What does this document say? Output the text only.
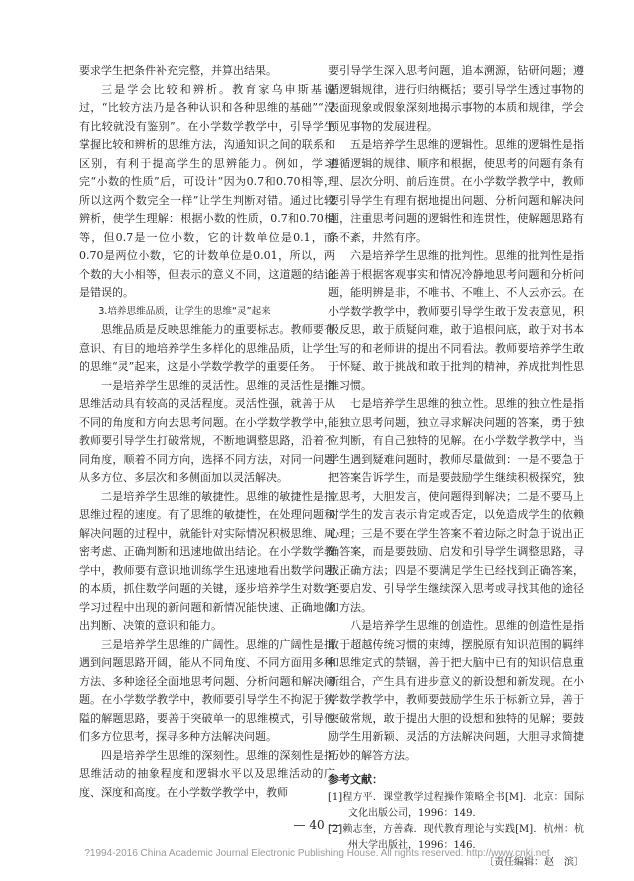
要求学生把条件补充完整，并算出结果。

三是学会比较和辨析。教育家乌申斯基说过，“比较方法乃是各种认识和各种思维的基础”“没有比较就没有鉴别”。在小学数学教学中，引导学生掌握比较和辨析的思维方法，沟通知识之间的联系和区别，有利于提高学生的思辨能力。例如，学习完“小数的性质”后，可设计“因为0.7和0.70相等，所以这两个数完全一样”让学生判断对错。通过比较辨析，使学生理解：根据小数的性质，0.7和0.70相等，但0.7是一位小数，它的计数单位是0.1，而0.70是两位小数，它的计数单位是0.01，所以，两个数的大小相等，但表示的意义不同，这道题的结论是错误的。

3.培养思维品质，让学生的思维“灵”起来

思维品质是反映思维能力的重要标志。教师要有意识、有目的地培养学生多样化的思维品质，让学生的思维“灵”起来，这是小学数学教学的重要任务。

一是培养学生思维的灵活性。思维的灵活性是指思维活动具有较高的灵活程度。灵活性强，就善于从不同的角度和方向去思考问题。在小学数学教学中，教师要引导学生打破常规，不断地调整思路，沿着不同角度，顺着不同方向，选择不同方法，对同一问题从多方位、多层次和多侧面加以灵活解决。

二是培养学生思维的敏捷性。思维的敏捷性是指思维过程的速度。有了思维的敏捷性，在处理问题和解决问题的过程中，就能针对实际情况积极思维、周密考虑、正确判断和迅速地做出结论。在小学数学教学中，教师要有意识地训练学生迅速地看出数学问题的本质，抓住数学问题的关键，逐步培养学生对数学学习过程中出现的新问题和新情况能快速、正确地做出判断、决策的意识和能力。

三是培养学生思维的广阔性。思维的广阔性是指遇到问题思路开阔，能从不同角度、不同方面用多种方法、多种途径全面地思考问题、分析问题和解决问题。在小学数学教学中，教师要引导学生不拘泥于狭隘的解题思路，要善于突破单一的思维模式，引导他们多方位思考，探寻多种方法解决问题。

四是培养学生思维的深刻性。思维的深刻性是指思维活动的抽象程度和逻辑水平以及思维活动的广度、深度和高度。在小学数学教学中，教师

要引导学生深入思考问题，追本溯源，钻研问题；遵循逻辑规律，进行归纳概括；要引导学生透过事物的表面现象或假象深刻地揭示事物的本质和规律，学会预见事物的发展进程。

五是培养学生思维的逻辑性。思维的逻辑性是指遵循逻辑的规律、顺序和根据，使思考的问题有条有理、层次分明、前后连贯。在小学数学教学中，教师要引导学生有理有据地提出问题、分析问题和解决问题，注重思考问题的逻辑性和连贯性，使解题思路有条不紊，井然有序。

六是培养学生思维的批判性。思维的批判性是指能善于根据客观事实和情况冷静地思考问题和分析问题，能明辨是非，不唯书、不唯上、不人云亦云。在小学数学教学中，教师要引导学生敢于发表意见，积极反思，敢于质疑问难，敢于追根问底，敢于对书本上写的和老师讲的提出不同看法。教师要培养学生敢于怀疑、敢于挑战和敢于批判的精神，养成批判性思维习惯。

七是培养学生思维的独立性。思维的独立性是指能独立思考问题，独立寻求解决问题的答案，勇于独立判断，有自己独特的见解。在小学数学教学中，当学生遇到疑难问题时，教师尽量做到：一是不要急于把答案告诉学生，而是要鼓励学生继续积极探究，独立思考，大胆发言，使问题得到解决；二是不要马上对学生的发言表示肯定或否定，以免造成学生的依赖心理；三是不要在学生答案不着边际之时急于说出正确答案，而是要鼓励、启发和引导学生调整思路，寻找正确方法；四是不要满足学生已经找到正确答案，还要启发、引导学生继续深入思考或寻找其他的途径和方法。

八是培养学生思维的创造性。思维的创造性是指敢于超越传统习惯的束缚，摆脱原有知识范围的羁绊和思维定式的禁锢，善于把大脑中已有的知识信息重新组合，产生具有进步意义的新设想和新发现。在小学数学教学中，教师要鼓励学生乐于标新立异，善于突破常规，敢于提出大胆的设想和独特的见解；要鼓励学生用新颖、灵活的方法解决问题，大胆寻求简捷巧妙的解答方法。

参考文献：

[1]程方平．课堂教学过程操作策略全书[M]．北京：国际文化出版公司，1996：149．

[2]赖志奎，方善森．现代教育理论与实践[M]．杭州：杭州大学出版社，1996：146．

〔责任编辑：赵　滨〕

— 40 —
?1994-2016 China Academic Journal Electronic Publishing House. All rights reserved. http://www.cnki.net
